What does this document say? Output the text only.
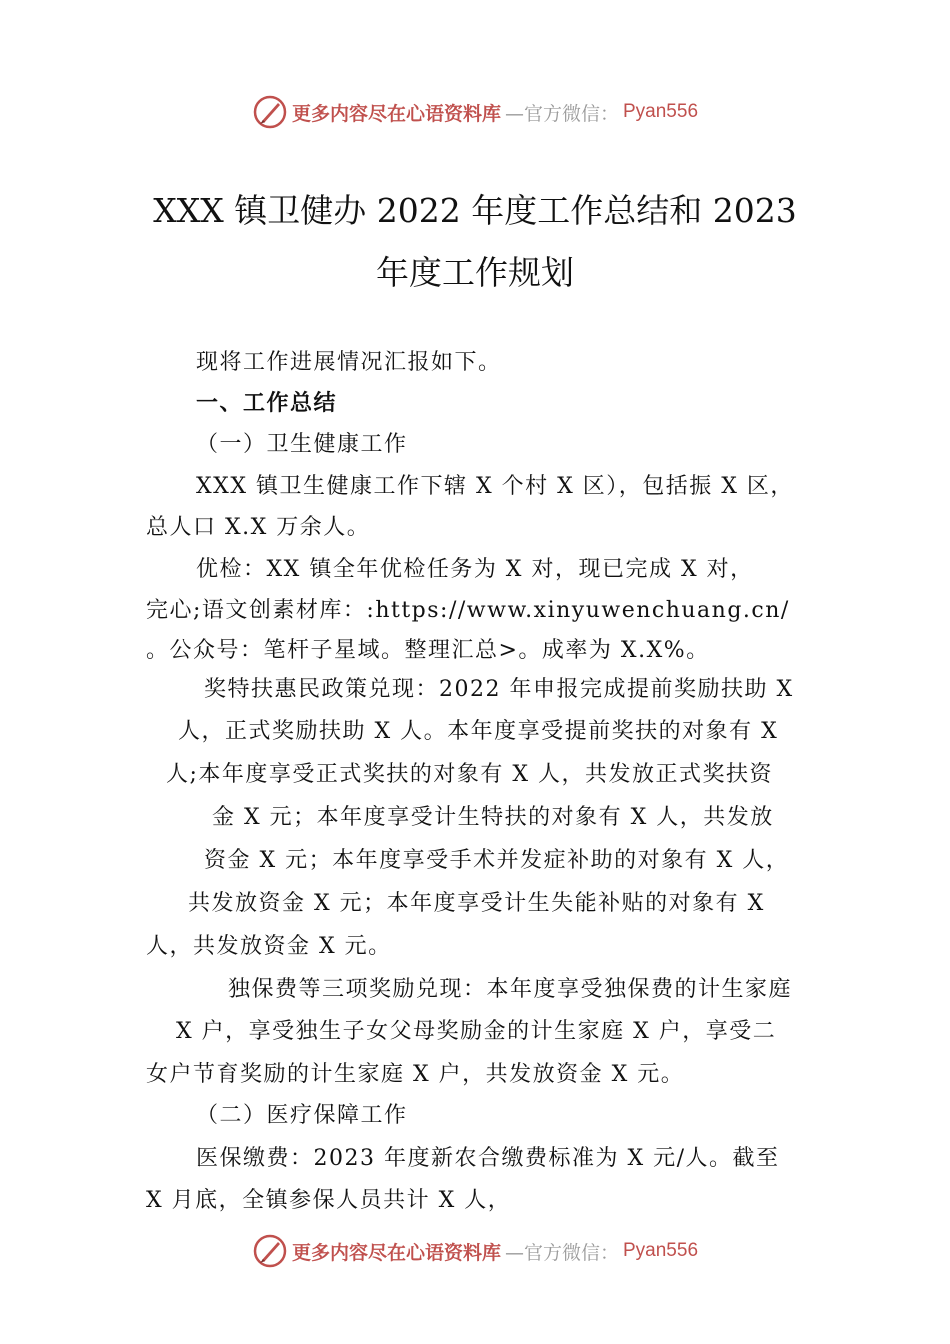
更多内容尽在心语资料库 —官方微信： Pyan556
XXX 镇卫健办 2022 年度工作总结和 2023
年度工作规划
现将工作进展情况汇报如下。
一、工作总结
（一）卫生健康工作
XXX 镇卫生健康工作下辖 X 个村 X 区），包括振 X 区，
总人口 X.X 万余人。
优检：XX 镇全年优检任务为 X 对，现已完成 X 对，
完心;语文创素材库：:https://www.xinyuwenchuang.cn/
。公众号：笔杆子星域。整理汇总>。成率为 X.X%。
奖特扶惠民政策兑现：2022 年申报完成提前奖励扶助 X
人，正式奖励扶助 X 人。本年度享受提前奖扶的对象有 X
人;本年度享受正式奖扶的对象有 X 人，共发放正式奖扶资
金 X 元；本年度享受计生特扶的对象有 X 人，共发放
资金 X 元；本年度享受手术并发症补助的对象有 X 人，
共发放资金 X 元；本年度享受计生失能补贴的对象有 X
人，共发放资金 X 元。
独保费等三项奖励兑现：本年度享受独保费的计生家庭
X 户，享受独生子女父母奖励金的计生家庭 X 户，享受二
女户节育奖励的计生家庭 X 户，共发放资金 X 元。
（二）医疗保障工作
医保缴费：2023 年度新农合缴费标准为 X 元/人。截至
X 月底，全镇参保人员共计 X 人，
更多内容尽在心语资料库 —官方微信： Pyan556
